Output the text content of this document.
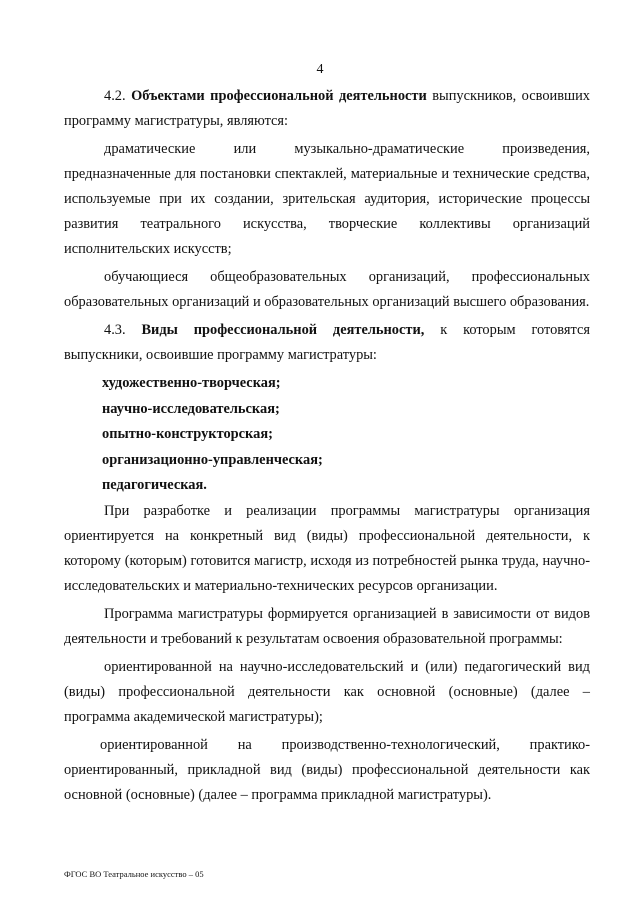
4

4.2. Объектами профессиональной деятельности выпускников, освоивших программу магистратуры, являются:

драматические или музыкально-драматические произведения, предназначенные для постановки спектаклей, материальные и технические средства, используемые при их создании, зрительская аудитория, исторические процессы развития театрального искусства, творческие коллективы организаций исполнительских искусств;

обучающиеся общеобразовательных организаций, профессиональных образовательных организаций и образовательных организаций высшего образования.

4.3. Виды профессиональной деятельности, к которым готовятся выпускники, освоившие программу магистратуры:

художественно-творческая;

научно-исследовательская;

опытно-конструкторская;

организационно-управленческая;

педагогическая.

При разработке и реализации программы магистратуры организация ориентируется на конкретный вид (виды) профессиональной деятельности, к которому (которым) готовится магистр, исходя из потребностей рынка труда, научно-исследовательских и материально-технических ресурсов организации.

Программа магистратуры формируется организацией в зависимости от видов деятельности и требований к результатам освоения образовательной программы:

ориентированной на научно-исследовательский и (или) педагогический вид (виды) профессиональной деятельности как основной (основные) (далее – программа академической магистратуры);

ориентированной на производственно-технологический, практико-ориентированный, прикладной вид (виды) профессиональной деятельности как основной (основные) (далее – программа прикладной магистратуры).

ФГОС ВО Театральное искусство – 05
